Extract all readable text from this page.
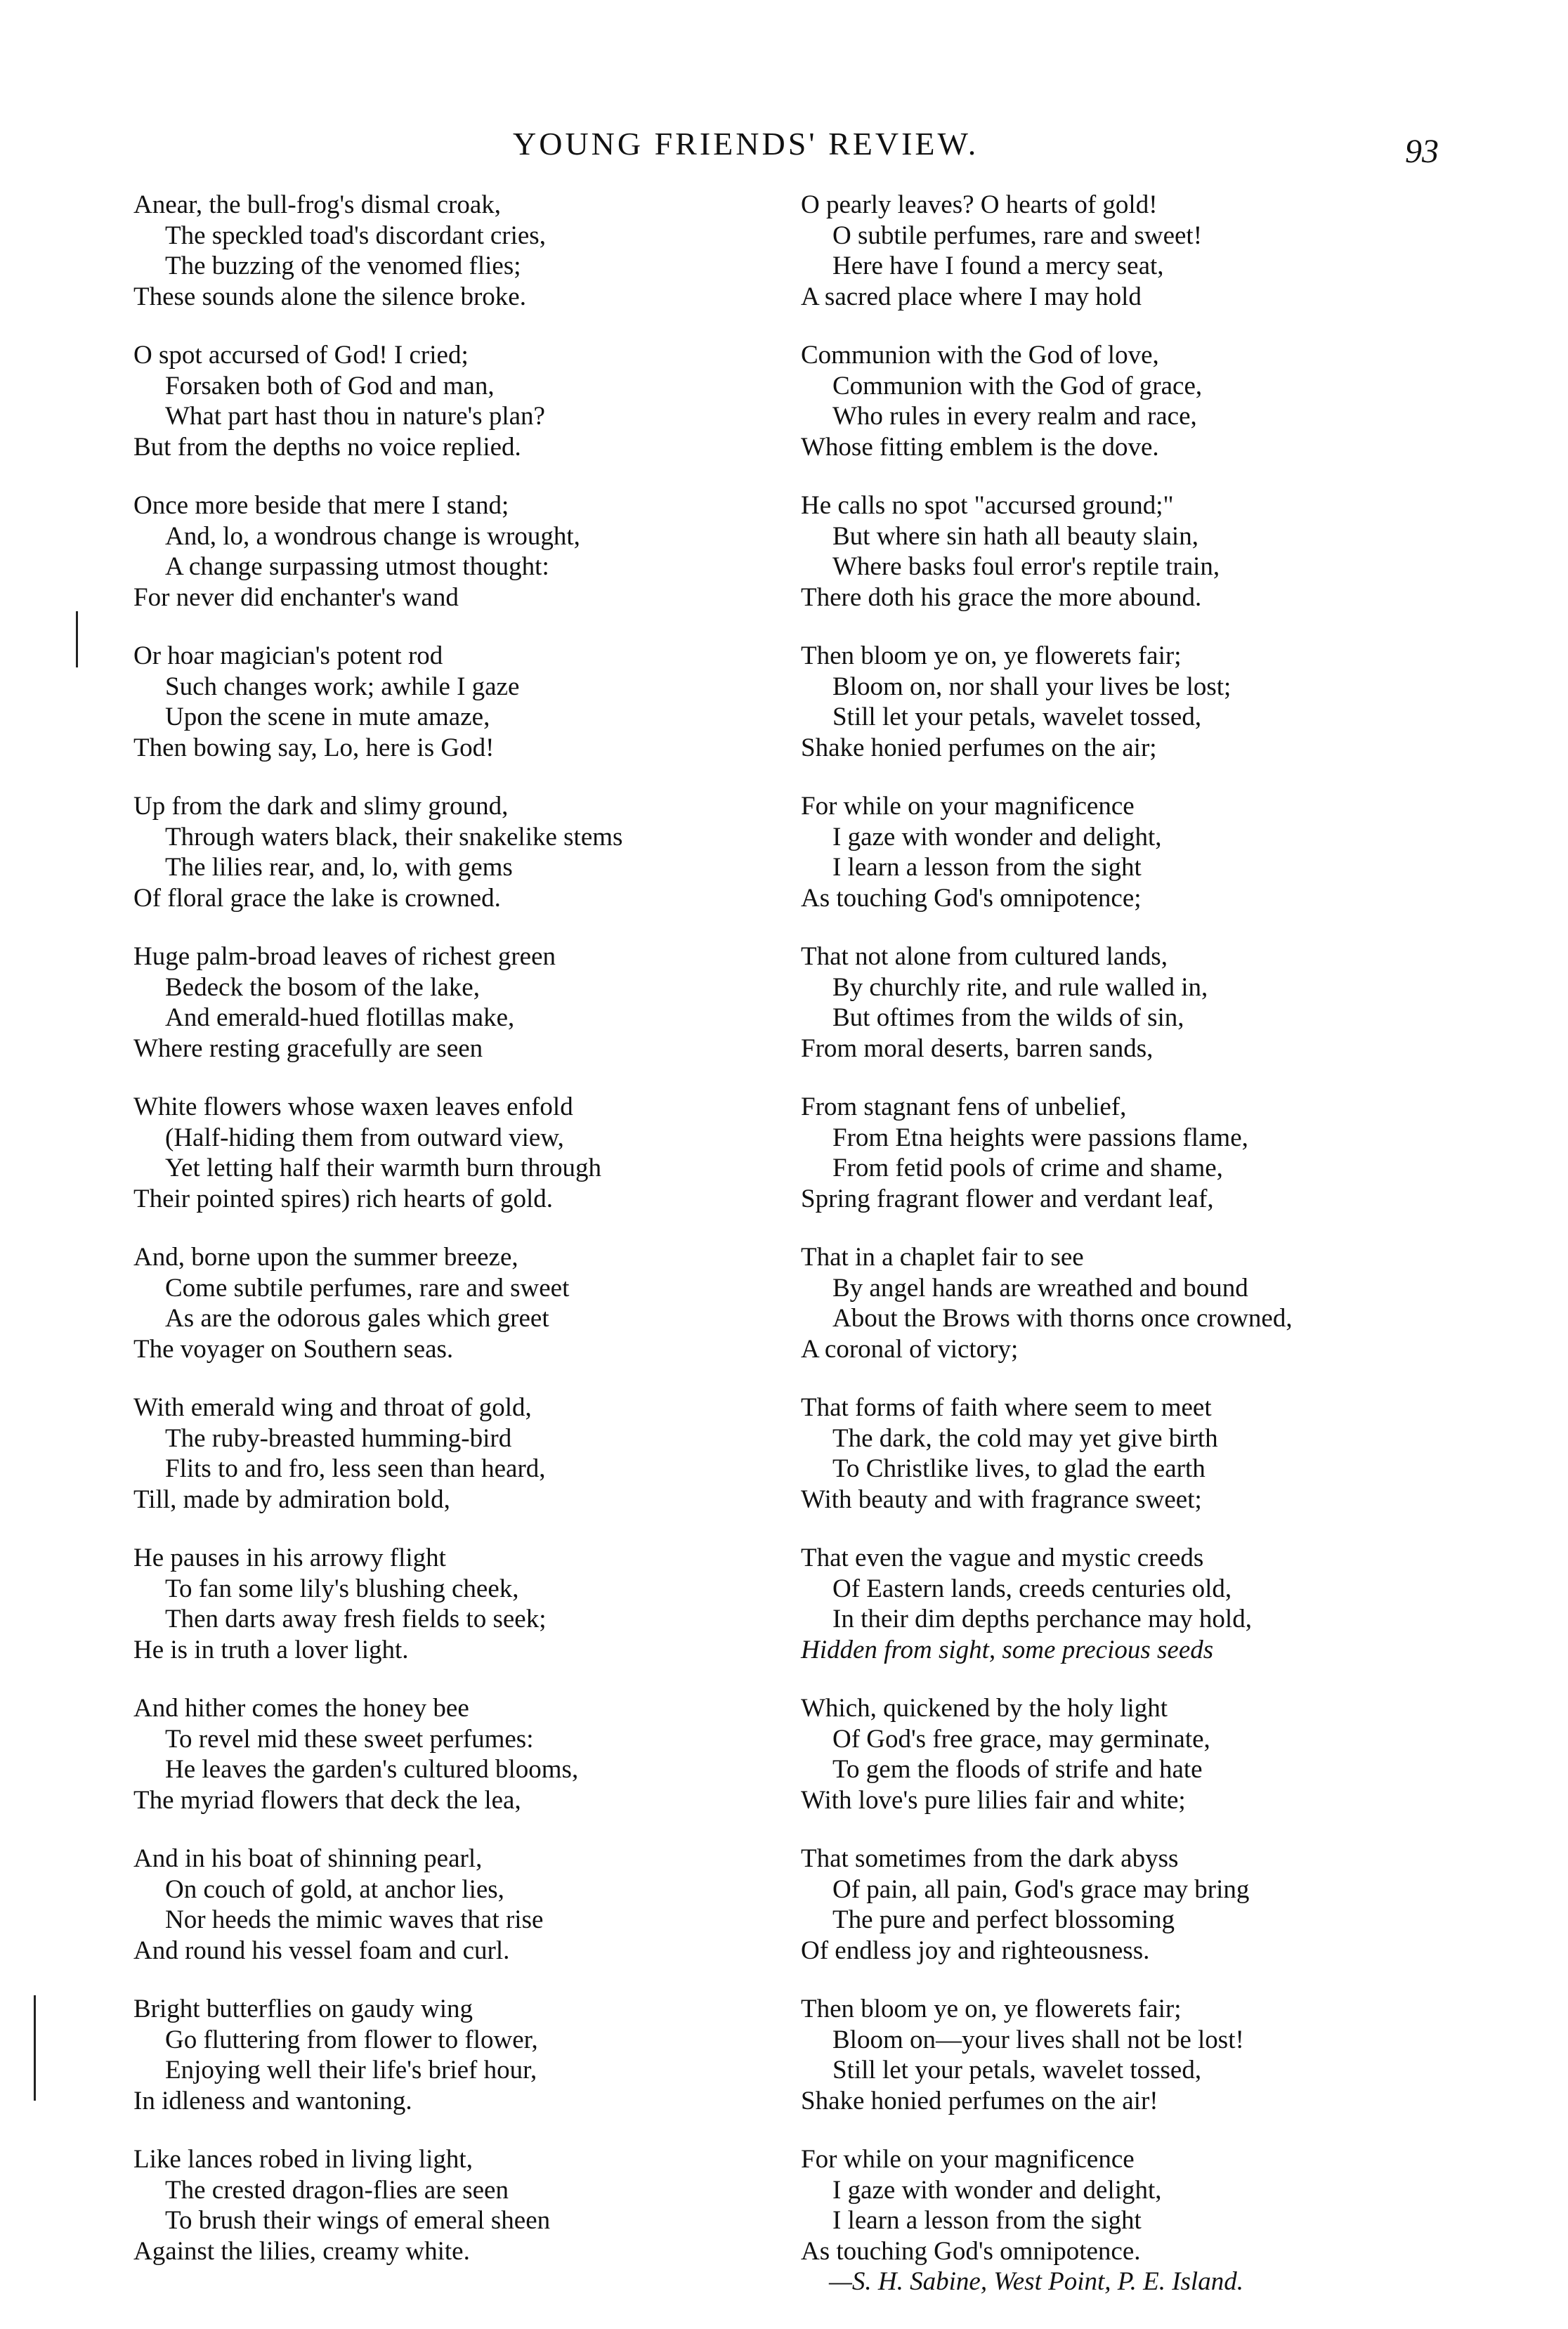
YOUNG FRIENDS' REVIEW.	93
Anear, the bull-frog's dismal croak,
The speckled toad's discordant cries,
The buzzing of the venomed flies;
These sounds alone the silence broke.
O spot accursed of God! I cried;
Forsaken both of God and man,
What part hast thou in nature's plan?
But from the depths no voice replied.
Once more beside that mere I stand;
And, lo, a wondrous change is wrought,
A change surpassing utmost thought:
For never did enchanter's wand
Or hoar magician's potent rod
Such changes work; awhile I gaze
Upon the scene in mute amaze,
Then bowing say, Lo, here is God!
Up from the dark and slimy ground,
Through waters black, their snakelike stems
The lilies rear, and, lo, with gems
Of floral grace the lake is crowned.
Huge palm-broad leaves of richest green
Bedeck the bosom of the lake,
And emerald-hued flotillas make,
Where resting gracefully are seen
White flowers whose waxen leaves enfold
(Half-hiding them from outward view,
Yet letting half their warmth burn through
Their pointed spires) rich hearts of gold.
And, borne upon the summer breeze,
Come subtile perfumes, rare and sweet
As are the odorous gales which greet
The voyager on Southern seas.
With emerald wing and throat of gold,
The ruby-breasted humming-bird
Flits to and fro, less seen than heard,
Till, made by admiration bold,
He pauses in his arrowy flight
To fan some lily's blushing cheek,
Then darts away fresh fields to seek;
He is in truth a lover light.
And hither comes the honey bee
To revel mid these sweet perfumes:
He leaves the garden's cultured blooms,
The myriad flowers that deck the lea,
And in his boat of shinning pearl,
On couch of gold, at anchor lies,
Nor heeds the mimic waves that rise
And round his vessel foam and curl.
Bright butterflies on gaudy wing
Go fluttering from flower to flower,
Enjoying well their life's brief hour,
In idleness and wantoning.
Like lances robed in living light,
The crested dragon-flies are seen
To brush their wings of emeral sheen
Against the lilies, creamy white.
O pearly leaves? O hearts of gold!
O subtile perfumes, rare and sweet!
Here have I found a mercy seat,
A sacred place where I may hold
Communion with the God of love,
Communion with the God of grace,
Who rules in every realm and race,
Whose fitting emblem is the dove.
He calls no spot "accursed ground;"
But where sin hath all beauty slain,
Where basks foul error's reptile train,
There doth his grace the more abound.
Then bloom ye on, ye flowerets fair;
Bloom on, nor shall your lives be lost;
Still let your petals, wavelet tossed,
Shake honied perfumes on the air;
For while on your magnificence
I gaze with wonder and delight,
I learn a lesson from the sight
As touching God's omnipotence;
That not alone from cultured lands,
By churchly rite, and rule walled in,
But oftimes from the wilds of sin,
From moral deserts, barren sands,
From stagnant fens of unbelief,
From Etna heights were passions flame,
From fetid pools of crime and shame,
Spring fragrant flower and verdant leaf,
That in a chaplet fair to see
By angel hands are wreathed and bound
About the Brows with thorns once crowned,
A coronal of victory;
That forms of faith where seem to meet
The dark, the cold may yet give birth
To Christlike lives, to glad the earth
With beauty and with fragrance sweet;
That even the vague and mystic creeds
Of Eastern lands, creeds centuries old,
In their dim depths perchance may hold,
Hidden from sight, some precious seeds
Which, quickened by the holy light
Of God's free grace, may germinate,
To gem the floods of strife and hate
With love's pure lilies fair and white;
That sometimes from the dark abyss
Of pain, all pain, God's grace may bring
The pure and perfect blossoming
Of endless joy and righteousness.
Then bloom ye on, ye flowerets fair;
Bloom on—your lives shall not be lost!
Still let your petals, wavelet tossed,
Shake honied perfumes on the air!
For while on your magnificence
I gaze with wonder and delight,
I learn a lesson from the sight
As touching God's omnipotence.
—S. H. Sabine, West Point, P. E. Island.
